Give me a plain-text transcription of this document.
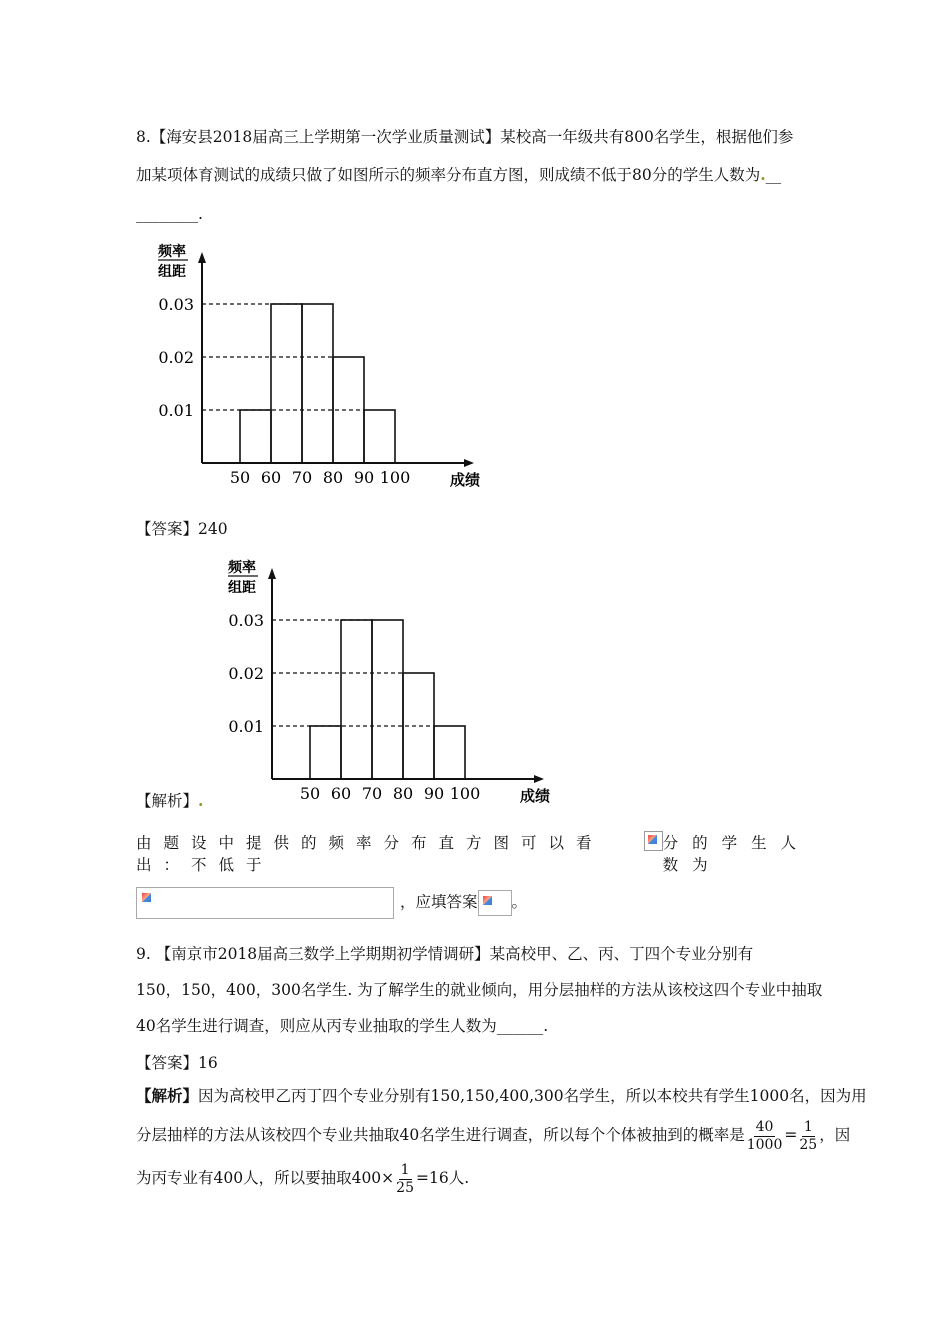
8.【海安县2018届高三上学期第一次学业质量测试】某校高一年级共有800名学生，根据他们参
加某项体育测试的成绩只做了如图所示的频率分布直方图，则成绩不低于80分的学生人数为.__
________.
频率
组距
0.01
0.02
0.03
50 60 70 80 90 100	成绩
【答案】240
频率
组距
0.01
0.02
0.03
50 60 70 80 90 100	成绩
【解析】.
由题设中提供的频率分布直方图可以看出：不低于
分的学生人数为
，应填答案 。
9. 【南京市2018届高三数学上学期期初学情调研】某高校甲、乙、丙、丁四个专业分别有
150，150，400，300名学生. 为了解学生的就业倾向，用分层抽样的方法从该校这四个专业中抽取
40名学生进行调查，则应从丙专业抽取的学生人数为______.
【答案】16
【解析】因为高校甲乙丙丁四个专业分别有150,150,400,300名学生，所以本校共有学生1000名，因为用
分层抽样的方法从该校四个专业共抽取40名学生进行调查，所以每个个体被抽到的概率是 $\frac{40}{1000} = \frac{1}{25}$ ，因
为丙专业有400人，所以要抽取$400\times \frac{1}{25} =16$人.
